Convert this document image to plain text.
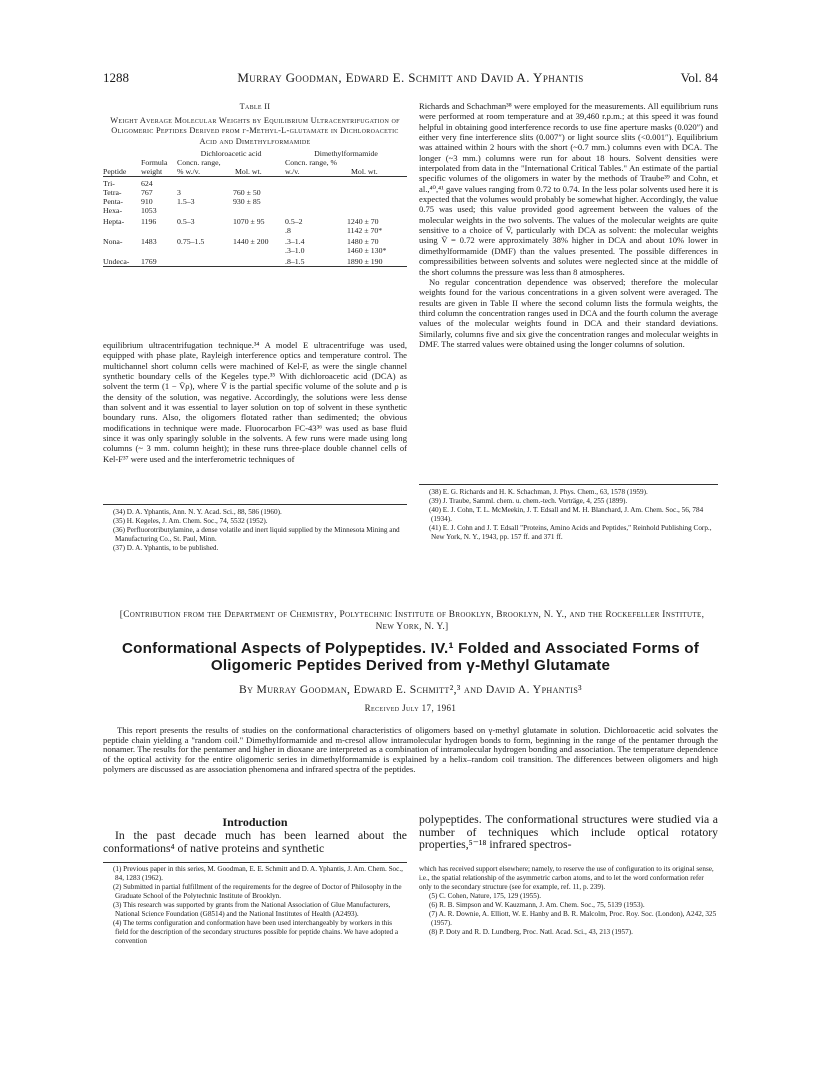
1288	Murray Goodman, Edward E. Schmitt and David A. Yphantis	Vol. 84
Table II
Weight Average Molecular Weights by Equilibrium Ultracentrifugation of Oligomeric Peptides Derived from γ-Methyl-L-glutamate in Dichloroacetic Acid and Dimethylformamide
		Dichloroacetic acid		Dimethylformamide	
Peptide	Formula weight	Concn. range, % w./v.	Mol. wt.	Concn. range, % w./v.	Mol. wt.

Tri-	624				
Tetra-	767	3	760 ± 50		
Penta-	910	1.5–3	930 ± 85		
Hexa-	1053				

Hepta-	1196	0.5–3	1070 ± 95	0.5–2	1240 ± 70
				.8	1142 ± 70*

Nona-	1483	0.75–1.5	1440 ± 200	.3–1.4	1480 ± 70
				.3–1.0	1460 ± 130*

Undeca-	1769			.8–1.5	1890 ± 190

equilibrium ultracentrifugation technique.³⁴ A model E ultracentrifuge was used, equipped with phase plate, Rayleigh interference optics and temperature control. The multichannel short column cells were machined of Kel-F, as were the single channel synthetic boundary cells of the Kegeles type.³⁵ With dichloroacetic acid (DCA) as solvent the term (1 − V̄ρ), where V̄ is the partial specific volume of the solute and ρ is the density of the solution, was negative. Accordingly, the solutions were less dense than solvent and it was essential to layer solution on top of solvent in these synthetic boundary runs. Also, the oligomers flotated rather than sedimented; the obvious modifications in technique were made. Fluorocarbon FC-43³⁶ was used as base fluid since it was only sparingly soluble in the solvents. A few runs were made using long columns (~ 3 mm. column height); in these runs three-place double channel cells of Kel-F³⁷ were used and the interferometric techniques of

(34) D. A. Yphantis, Ann. N. Y. Acad. Sci., 88, 586 (1960).

(35) H. Kegeles, J. Am. Chem. Soc., 74, 5532 (1952).

(36) Perfluorotributylamine, a dense volatile and inert liquid supplied by the Minnesota Mining and Manufacturing Co., St. Paul, Minn.

(37) D. A. Yphantis, to be published.

Richards and Schachman³⁸ were employed for the measurements. All equilibrium runs were performed at room temperature and at 39,460 r.p.m.; at this speed it was found helpful in obtaining good interference records to use fine aperture masks (0.020″) and either very fine interference slits (0.007″) or light source slits (<0.001″). Equilibrium was attained within 2 hours with the short (~0.7 mm.) columns even with DCA. The longer (~3 mm.) columns were run for about 18 hours. Solvent densities were interpolated from data in the "International Critical Tables." An estimate of the partial specific volumes of the oligomers in water by the methods of Traube³⁹ and Cohn, et al.,⁴⁰,⁴¹ gave values ranging from 0.72 to 0.74. In the less polar solvents used here it is expected that the volumes would probably be somewhat higher. Accordingly, the value 0.75 was used; this value provided good agreement between the values of the molecular weights in the two solvents. The values of the molecular weights are quite sensitive to a choice of V̄, particularly with DCA as solvent: the molecular weights using V̄ = 0.72 were approximately 38% higher in DCA and about 10% lower in dimethylformamide (DMF) than the values presented. The possible differences in compressibilities between solvents and solutes were neglected since at the middle of the short columns the pressure was less than 8 atmospheres.

No regular concentration dependence was observed; therefore the molecular weights found for the various concentrations in a given solvent were averaged. The results are given in Table II where the second column lists the formula weights, the third column the concentration ranges used in DCA and the fourth column the average values of the molecular weights found in DCA and their standard deviations. Similarly, columns five and six give the concentration ranges and molecular weights in DMF. The starred values were obtained using the longer columns of solution.

(38) E. G. Richards and H. K. Schachman, J. Phys. Chem., 63, 1578 (1959).

(39) J. Traube, Samml. chem. u. chem.-tech. Vorträge, 4, 255 (1899).

(40) E. J. Cohn, T. L. McMeekin, J. T. Edsall and M. H. Blanchard, J. Am. Chem. Soc., 56, 784 (1934).

(41) E. J. Cohn and J. T. Edsall "Proteins, Amino Acids and Peptides," Reinhold Publishing Corp., New York, N. Y., 1943, pp. 157 ff. and 371 ff.

[Contribution from the Department of Chemistry, Polytechnic Institute of Brooklyn, Brooklyn, N. Y., and the Rockefeller Institute, New York, N. Y.]
Conformational Aspects of Polypeptides. IV.¹ Folded and Associated Forms of
Oligomeric Peptides Derived from γ-Methyl Glutamate
By Murray Goodman, Edward E. Schmitt²,³ and David A. Yphantis³
Received July 17, 1961
This report presents the results of studies on the conformational characteristics of oligomers based on γ-methyl glutamate in solution. Dichloroacetic acid solvates the peptide chain yielding a "random coil." Dimethylformamide and m-cresol allow intramolecular hydrogen bonds to form, beginning in the range of the pentamer through the nonamer. The results for the pentamer and higher in dioxane are interpreted as a combination of intramolecular hydrogen bonding and association. The temperature dependence of the optical activity for the entire oligomeric series in dimethylformamide is explained by a helix–random coil transition. The differences between oligomers and high polymers are discussed as are association phenomena and infrared spectra of the peptides.
Introduction

In the past decade much has been learned about the conformations⁴ of native proteins and synthetic

polypeptides. The conformational structures were studied via a number of techniques which include optical rotatory properties,⁵⁻¹⁸ infrared spectros-

(1) Previous paper in this series, M. Goodman, E. E. Schmitt and D. A. Yphantis, J. Am. Chem. Soc., 84, 1283 (1962).

(2) Submitted in partial fulfillment of the requirements for the degree of Doctor of Philosophy in the Graduate School of the Polytechnic Institute of Brooklyn.

(3) This research was supported by grants from the National Association of Glue Manufacturers, National Science Foundation (G8514) and the National Institutes of Health (A2493).

(4) The terms configuration and conformation have been used interchangeably by workers in this field for the description of the secondary structures possible for peptide chains. We have adopted a convention

which has received support elsewhere; namely, to reserve the use of configuration to its original sense, i.e., the spatial relationship of the asymmetric carbon atoms, and to let the word conformation refer only to the secondary structure (see for example, ref. 11, p. 239).

(5) C. Cohen, Nature, 175, 129 (1955).

(6) R. B. Simpson and W. Kauzmann, J. Am. Chem. Soc., 75, 5139 (1953).

(7) A. R. Downie, A. Elliott, W. E. Hanby and B. R. Malcolm, Proc. Roy. Soc. (London), A242, 325 (1957).

(8) P. Doty and R. D. Lundberg, Proc. Natl. Acad. Sci., 43, 213 (1957).
